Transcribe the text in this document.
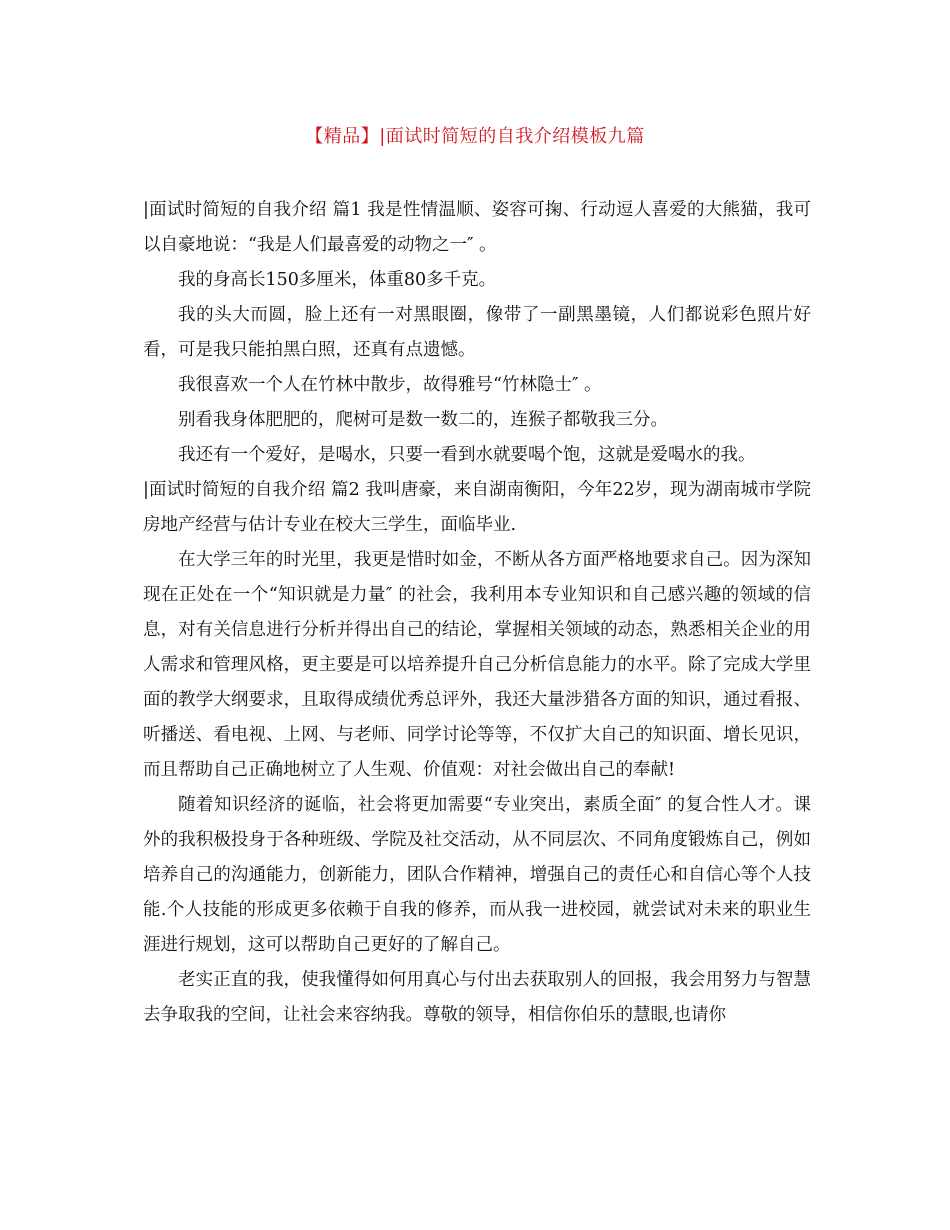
【精品】|面试时简短的自我介绍模板九篇

|面试时简短的自我介绍 篇1 我是性情温顺、姿容可掬、行动逗人喜爱的大熊猫，我可以自豪地说：“我是人们最喜爱的动物之一″ 。

我的身高长150多厘米，体重80多千克。

我的头大而圆，脸上还有一对黑眼圈，像带了一副黑墨镜，人们都说彩色照片好看，可是我只能拍黑白照，还真有点遗憾。

我很喜欢一个人在竹林中散步，故得雅号“竹林隐士″ 。

别看我身体肥肥的，爬树可是数一数二的，连猴子都敬我三分。

我还有一个爱好，是喝水，只要一看到水就要喝个饱，这就是爱喝水的我。

|面试时简短的自我介绍 篇2 我叫唐豪，来自湖南衡阳，今年22岁，现为湖南城市学院房地产经营与估计专业在校大三学生，面临毕业.

在大学三年的时光里，我更是惜时如金，不断从各方面严格地要求自己。因为深知现在正处在一个“知识就是力量″ 的社会，我利用本专业知识和自己感兴趣的领域的信息，对有关信息进行分析并得出自己的结论，掌握相关领域的动态，熟悉相关企业的用人需求和管理风格，更主要是可以培养提升自己分析信息能力的水平。除了完成大学里面的教学大纲要求，且取得成绩优秀总评外，我还大量涉猎各方面的知识，通过看报、听播送、看电视、上网、与老师、同学讨论等等，不仅扩大自己的知识面、增长见识，而且帮助自己正确地树立了人生观、价值观：对社会做出自己的奉献!

随着知识经济的诞临，社会将更加需要“专业突出，素质全面″ 的复合性人才。课外的我积极投身于各种班级、学院及社交活动，从不同层次、不同角度锻炼自己，例如培养自己的沟通能力，创新能力，团队合作精神，增强自己的责任心和自信心等个人技能.个人技能的形成更多依赖于自我的修养，而从我一进校园，就尝试对未来的职业生涯进行规划，这可以帮助自己更好的了解自己。

老实正直的我，使我懂得如何用真心与付出去获取别人的回报，我会用努力与智慧去争取我的空间，让社会来容纳我。尊敬的领导，相信你伯乐的慧眼,也请你
